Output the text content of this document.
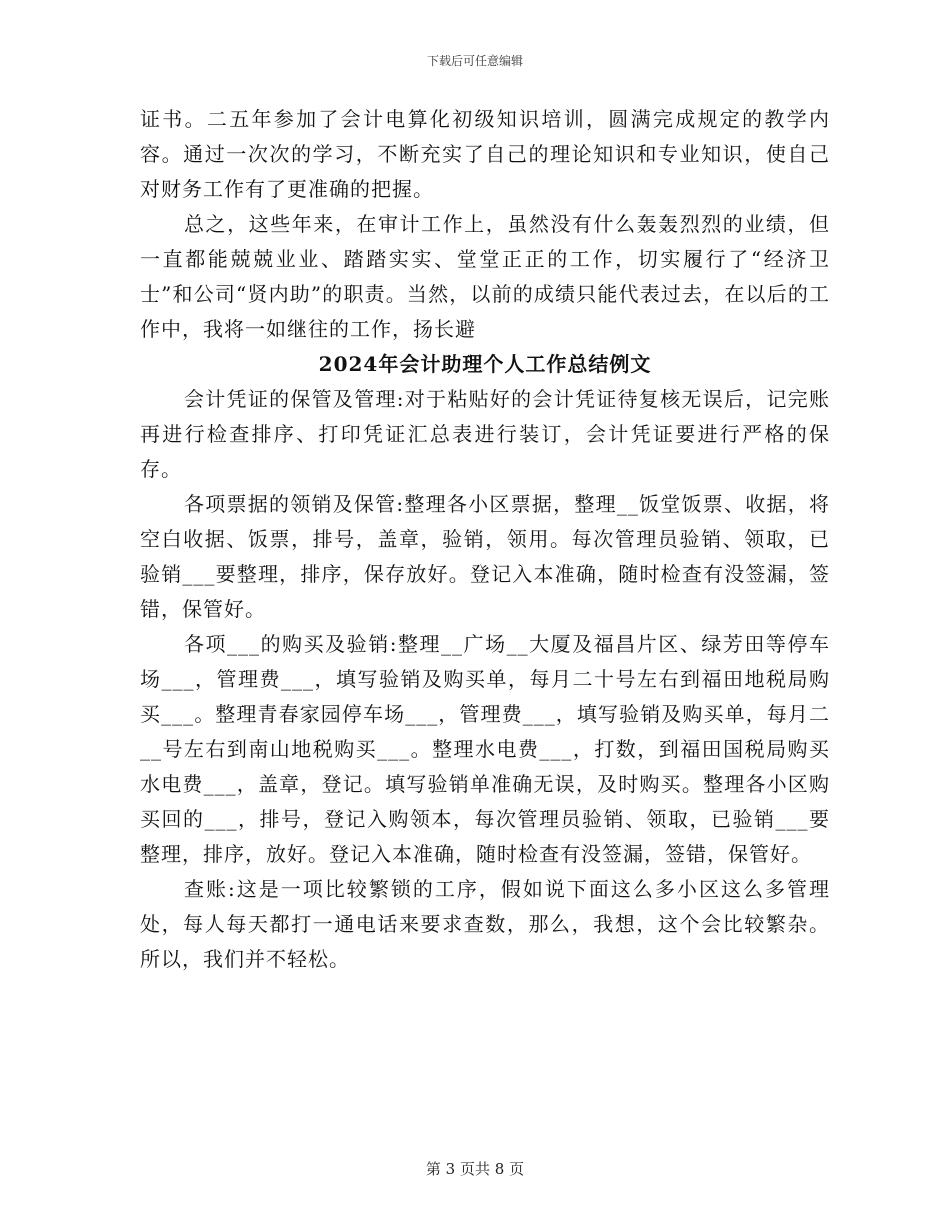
下载后可任意编辑

证书。二五年参加了会计电算化初级知识培训，圆满完成规定的教学内容。通过一次次的学习，不断充实了自己的理论知识和专业知识，使自己对财务工作有了更准确的把握。

总之，这些年来，在审计工作上，虽然没有什么轰轰烈烈的业绩，但一直都能兢兢业业、踏踏实实、堂堂正正的工作，切实履行了“经济卫士”和公司“贤内助”的职责。当然，以前的成绩只能代表过去，在以后的工作中，我将一如继往的工作，扬长避

2024年会计助理个人工作总结例文

会计凭证的保管及管理:对于粘贴好的会计凭证待复核无误后，记完账再进行检查排序、打印凭证汇总表进行装订，会计凭证要进行严格的保存。

各项票据的领销及保管:整理各小区票据，整理__饭堂饭票、收据，将空白收据、饭票，排号，盖章，验销，领用。每次管理员验销、领取，已验销___要整理，排序，保存放好。登记入本准确，随时检查有没签漏，签错，保管好。

各项___的购买及验销:整理__广场__大厦及福昌片区、绿芳田等停车场___，管理费___，填写验销及购买单，每月二十号左右到福田地税局购买___。整理青春家园停车场___，管理费___，填写验销及购买单，每月二__号左右到南山地税购买___。整理水电费___，打数，到福田国税局购买水电费___，盖章，登记。填写验销单准确无误，及时购买。整理各小区购买回的___，排号，登记入购领本，每次管理员验销、领取，已验销___要整理，排序，放好。登记入本准确，随时检查有没签漏，签错，保管好。

查账:这是一项比较繁锁的工序，假如说下面这么多小区这么多管理处，每人每天都打一通电话来要求查数，那么，我想，这个会比较繁杂。所以，我们并不轻松。

第 3 页共 8 页
